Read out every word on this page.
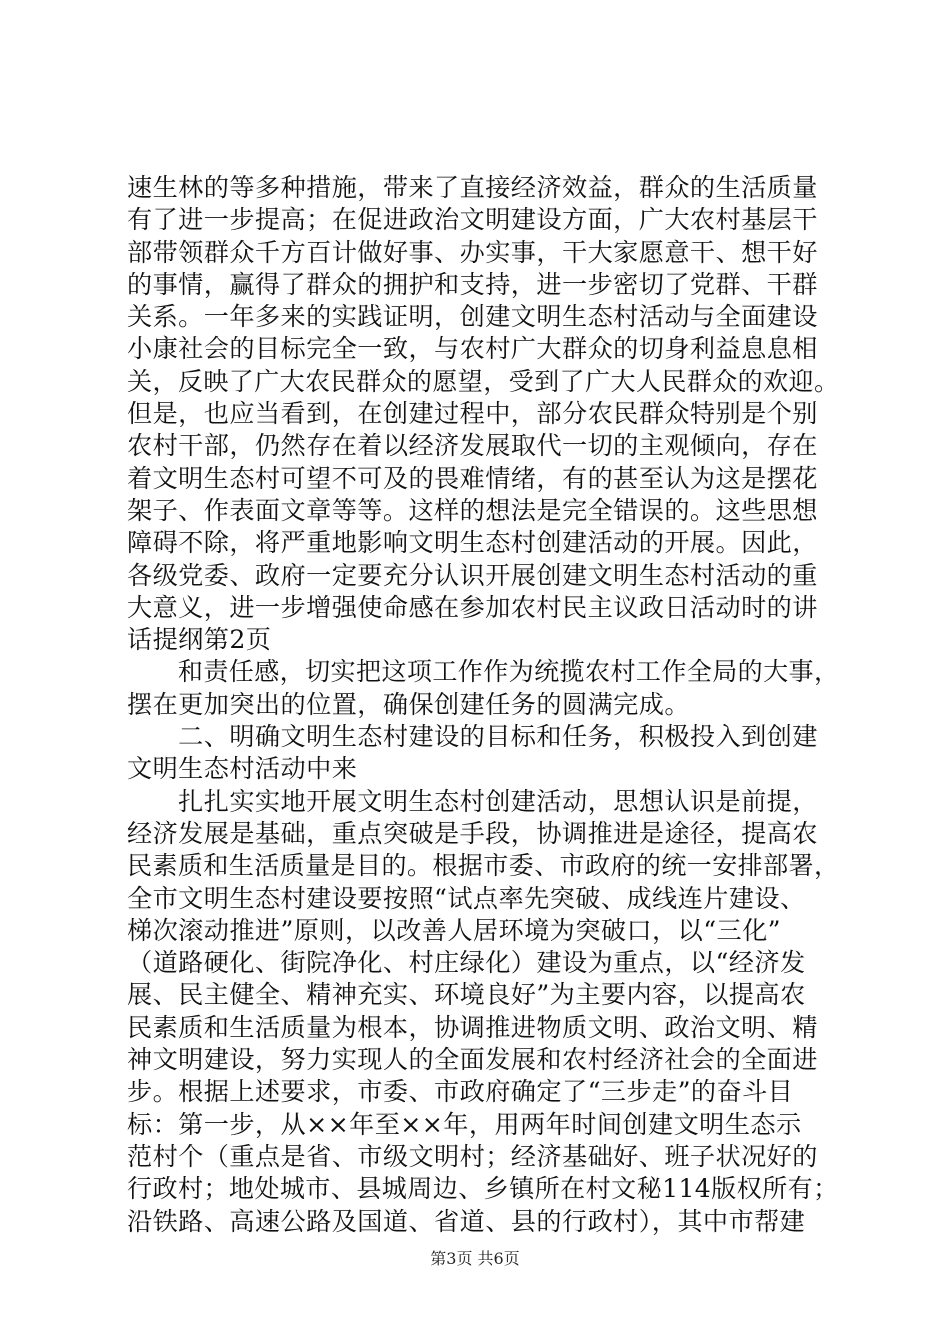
速生林的等多种措施，带来了直接经济效益，群众的生活质量
有了进一步提高；在促进政治文明建设方面，广大农村基层干
部带领群众千方百计做好事、办实事，干大家愿意干、想干好
的事情，赢得了群众的拥护和支持，进一步密切了党群、干群
关系。一年多来的实践证明，创建文明生态村活动与全面建设
小康社会的目标完全一致，与农村广大群众的切身利益息息相
关，反映了广大农民群众的愿望，受到了广大人民群众的欢迎。
但是，也应当看到，在创建过程中，部分农民群众特别是个别
农村干部，仍然存在着以经济发展取代一切的主观倾向，存在
着文明生态村可望不可及的畏难情绪，有的甚至认为这是摆花
架子、作表面文章等等。这样的想法是完全错误的。这些思想
障碍不除，将严重地影响文明生态村创建活动的开展。因此，
各级党委、政府一定要充分认识开展创建文明生态村活动的重
大意义，进一步增强使命感在参加农村民主议政日活动时的讲
话提纲第2页
　　和责任感，切实把这项工作作为统揽农村工作全局的大事，
摆在更加突出的位置，确保创建任务的圆满完成。
　　二、明确文明生态村建设的目标和任务，积极投入到创建
文明生态村活动中来
　　扎扎实实地开展文明生态村创建活动，思想认识是前提，
经济发展是基础，重点突破是手段，协调推进是途径，提高农
民素质和生活质量是目的。根据市委、市政府的统一安排部署，
全市文明生态村建设要按照“试点率先突破、成线连片建设、
梯次滚动推进”原则，以改善人居环境为突破口，以“三化”
（道路硬化、街院净化、村庄绿化）建设为重点，以“经济发
展、民主健全、精神充实、环境良好”为主要内容，以提高农
民素质和生活质量为根本，协调推进物质文明、政治文明、精
神文明建设，努力实现人的全面发展和农村经济社会的全面进
步。根据上述要求，市委、市政府确定了“三步走”的奋斗目
标：第一步，从××年至××年，用两年时间创建文明生态示
范村个（重点是省、市级文明村；经济基础好、班子状况好的
行政村；地处城市、县城周边、乡镇所在村文秘114版权所有；
沿铁路、高速公路及国道、省道、县的行政村），其中市帮建
第3页 共6页
